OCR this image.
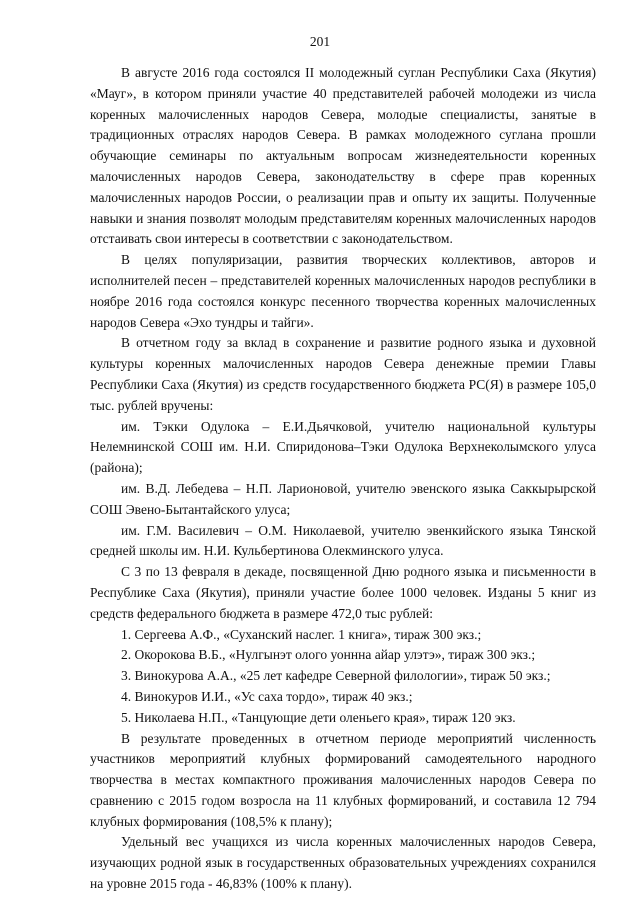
201

В августе 2016 года состоялся II молодежный суглан Республики Саха (Якутия) «Мауг», в котором приняли участие 40 представителей рабочей молодежи из числа коренных малочисленных народов Севера, молодые специалисты, занятые в традиционных отраслях народов Севера. В рамках молодежного суглана прошли обучающие семинары по актуальным вопросам жизнедеятельности коренных малочисленных народов Севера, законодательству в сфере прав коренных малочисленных народов России, о реализации прав и опыту их защиты. Полученные навыки и знания позволят молодым представителям коренных малочисленных народов отстаивать свои интересы в соответствии с законодательством.

В целях популяризации, развития творческих коллективов, авторов и исполнителей песен – представителей коренных малочисленных народов республики в ноябре 2016 года состоялся конкурс песенного творчества коренных малочисленных народов Севера «Эхо тундры и тайги».

В отчетном году за вклад в сохранение и развитие родного языка и духовной культуры коренных малочисленных народов Севера денежные премии Главы Республики Саха (Якутия) из средств государственного бюджета РС(Я) в размере 105,0 тыс. рублей вручены:

им. Тэкки Одулока – Е.И.Дьячковой, учителю национальной культуры Нелемнинской СОШ им. Н.И. Спиридонова–Тэки Одулока Верхнеколымского улуса (района);

им. В.Д. Лебедева – Н.П. Ларионовой, учителю эвенского языка Саккырырской СОШ Эвено-Бытантайского улуса;

им. Г.М. Василевич – О.М. Николаевой, учителю эвенкийского языка Тянской средней школы им. Н.И. Кульбертинова Олекминского улуса.

С 3 по 13 февраля в декаде, посвященной Дню родного языка и письменности в Республике Саха (Якутия), приняли участие более 1000 человек. Изданы 5 книг из средств федерального бюджета в размере 472,0 тыс рублей:

1. Сергеева А.Ф., «Суханский наслег. 1 книга», тираж 300 экз.;

2. Окорокова В.Б., «Нулгынэт олого уоннна айар улэтэ», тираж 300 экз.;

3. Винокурова А.А., «25 лет кафедре Северной филологии», тираж 50 экз.;

4. Винокуров И.И., «Ус саха тордо», тираж 40 экз.;

5. Николаева Н.П., «Танцующие дети оленьего края», тираж 120 экз.

В результате проведенных в отчетном периоде мероприятий численность участников мероприятий клубных формирований самодеятельного народного творчества в местах компактного проживания малочисленных народов Севера по сравнению с 2015 годом возросла на 11 клубных формирований, и составила 12 794 клубных формирования (108,5% к плану);

Удельный вес учащихся из числа коренных малочисленных народов Севера, изучающих родной язык в государственных образовательных учреждениях сохранился на уровне 2015 года - 46,83% (100% к плану).
